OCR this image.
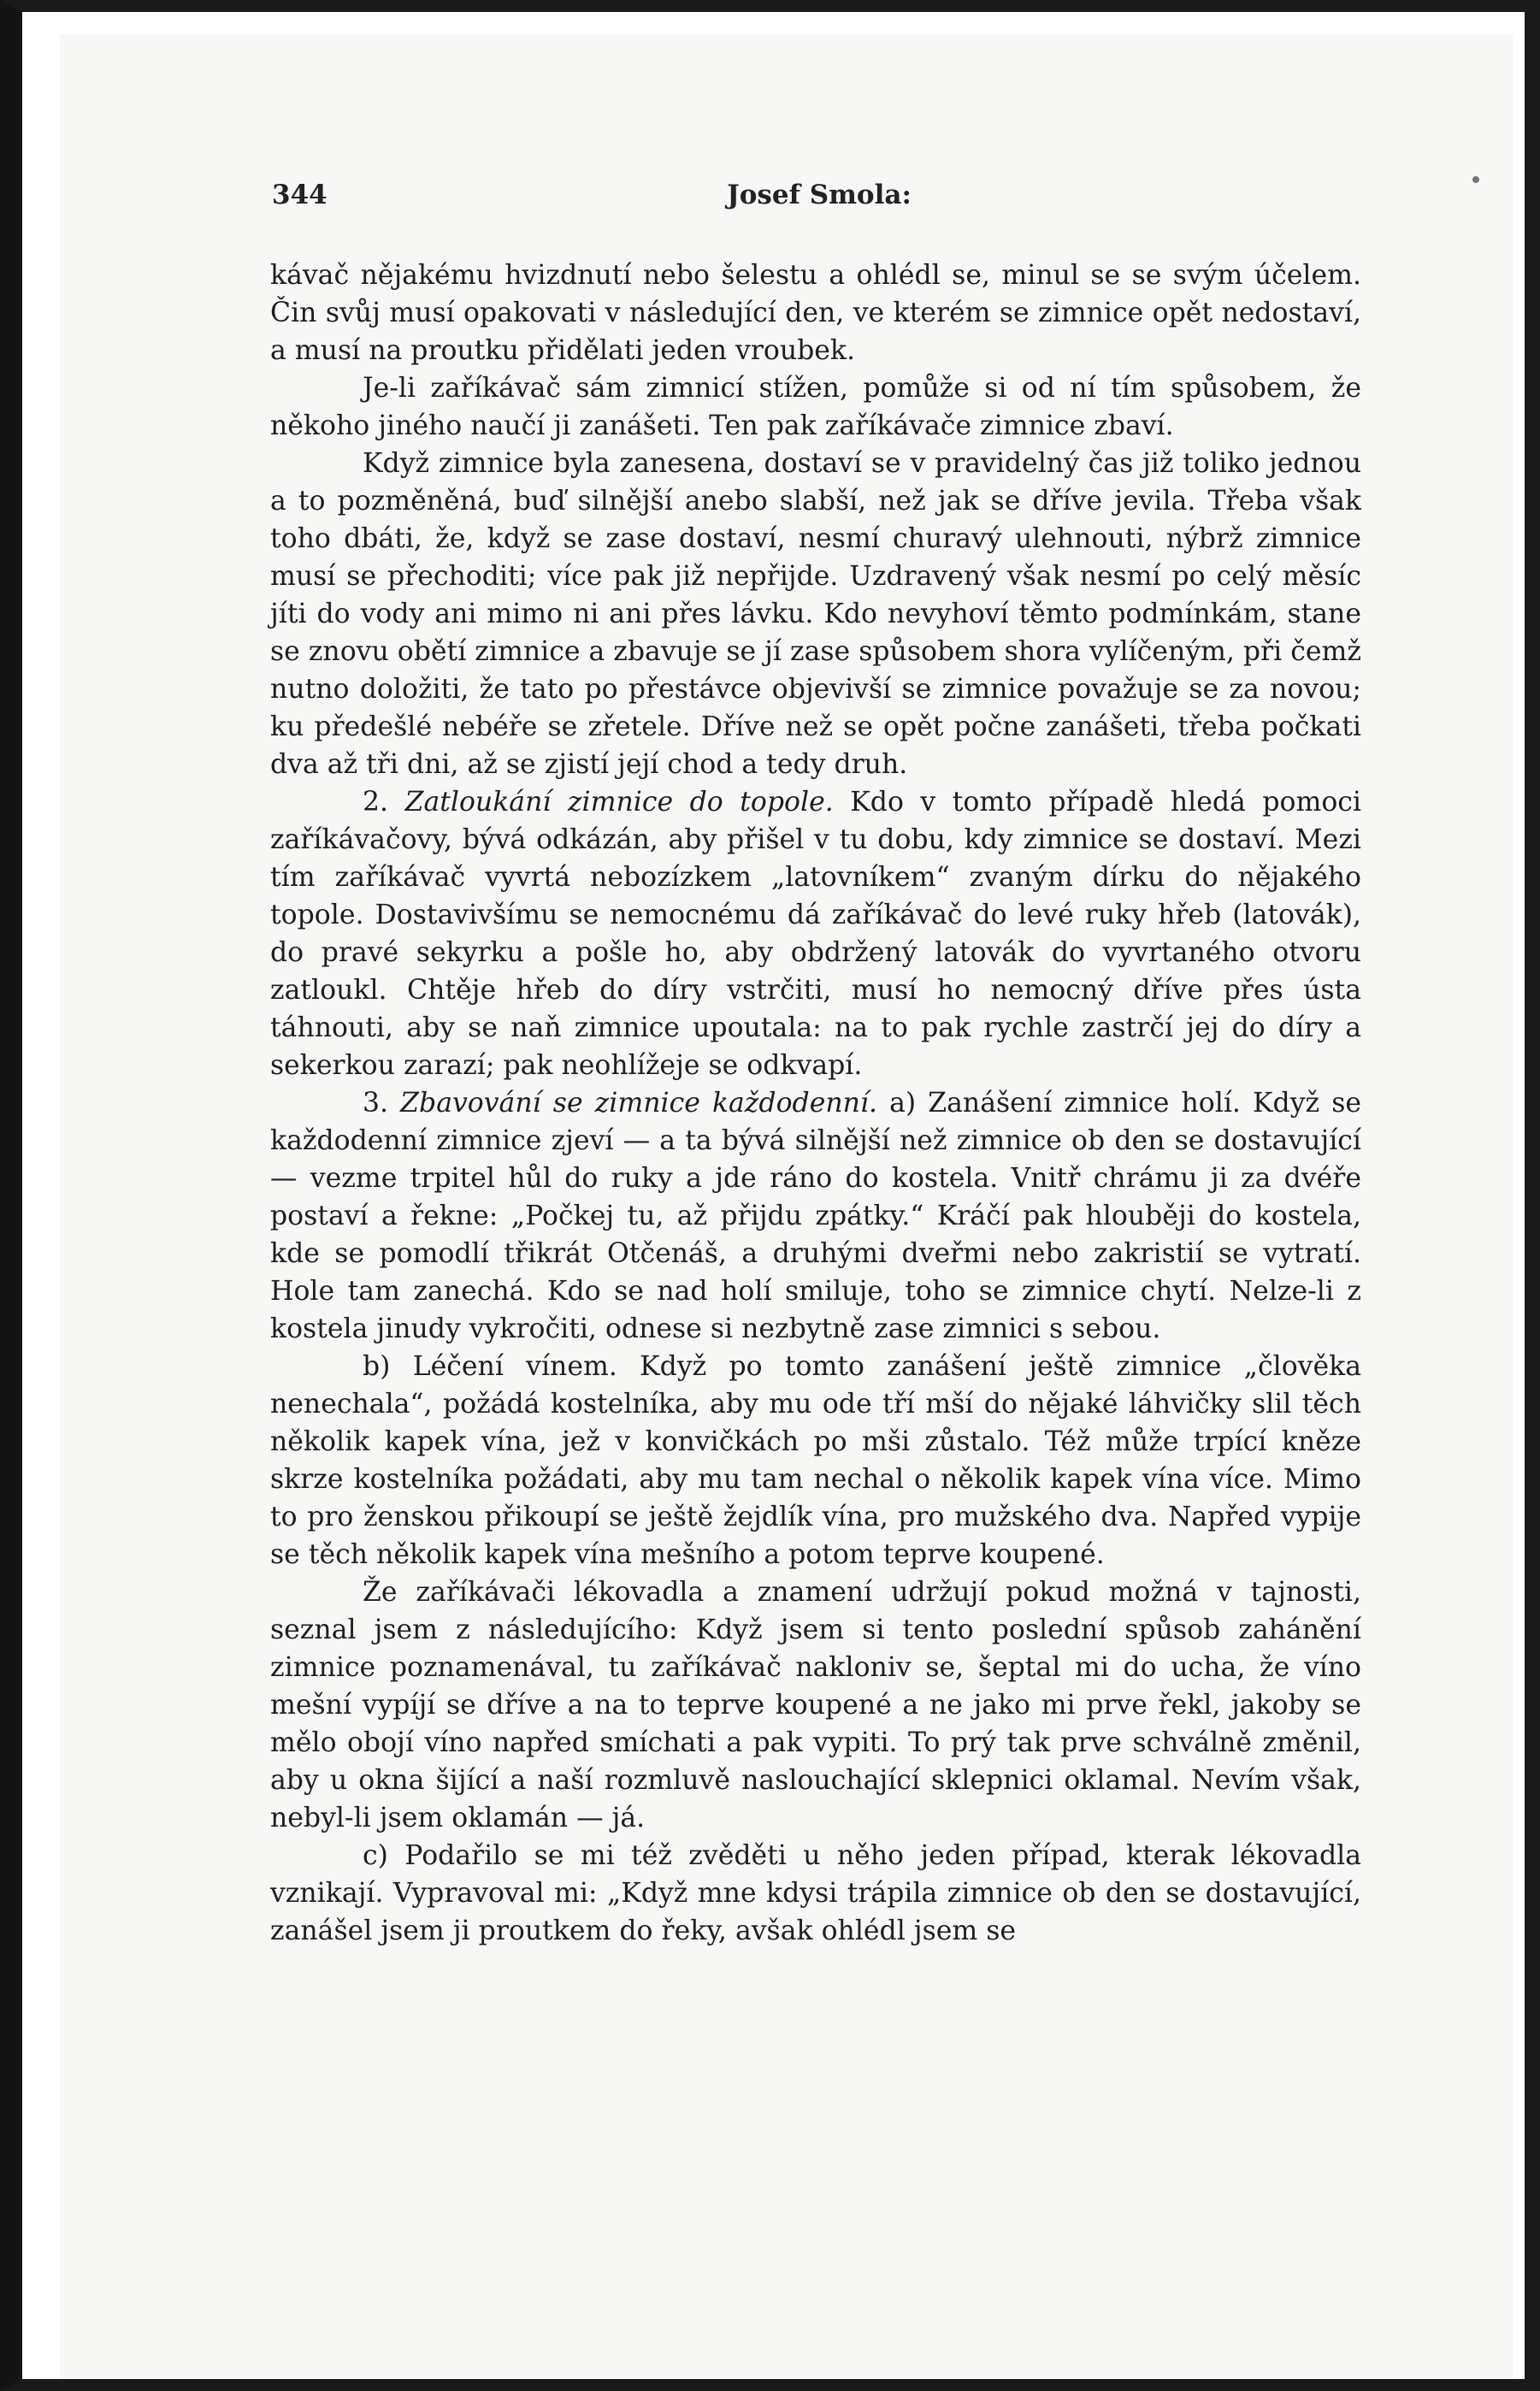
344	Josef Smola:

kávač nějakému hvizdnutí nebo šelestu a ohlédl se, minul se se svým účelem. Čin svůj musí opakovati v následující den, ve kterém se zimnice opět nedostaví, a musí na proutku přidělati jeden vroubek.

Je-li zaříkávač sám zimnicí stížen, pomůže si od ní tím spůsobem, že někoho jiného naučí ji zanášeti. Ten pak zaříkávače zimnice zbaví.

Když zimnice byla zanesena, dostaví se v pravidelný čas již toliko jednou a to pozměněná, buď silnější anebo slabší, než jak se dříve jevila. Třeba však toho dbáti, že, když se zase dostaví, nesmí churavý ulehnouti, nýbrž zimnice musí se přechoditi; více pak již nepřijde. Uzdravený však nesmí po celý měsíc jíti do vody ani mimo ni ani přes lávku. Kdo nevyhoví těmto podmínkám, stane se znovu obětí zimnice a zbavuje se jí zase spůsobem shora vylíčeným, při čemž nutno doložiti, že tato po přestávce objevivší se zimnice považuje se za novou; ku předešlé nebéře se zřetele. Dříve než se opět počne zanášeti, třeba počkati dva až tři dni, až se zjistí její chod a tedy druh.

2. Zatloukání zimnice do topole. Kdo v tomto případě hledá pomoci zaříkávačovy, bývá odkázán, aby přišel v tu dobu, kdy zimnice se dostaví. Mezi tím zaříkávač vyvrtá nebozízkem „latovníkem“ zvaným dírku do nějakého topole. Dostavivšímu se nemocnému dá zaříkávač do levé ruky hřeb (latovák), do pravé sekyrku a pošle ho, aby obdržený latovák do vyvrtaného otvoru zatloukl. Chtěje hřeb do díry vstrčiti, musí ho nemocný dříve přes ústa táhnouti, aby se naň zimnice upoutala: na to pak rychle zastrčí jej do díry a sekerkou zarazí; pak neohlížeje se odkvapí.

3. Zbavování se zimnice každodenní. a) Zanášení zimnice holí. Když se každodenní zimnice zjeví — a ta bývá silnější než zimnice ob den se dostavující — vezme trpitel hůl do ruky a jde ráno do kostela. Vnitř chrámu ji za dvéře postaví a řekne: „Počkej tu, až přijdu zpátky.“ Kráčí pak hlouběji do kostela, kde se pomodlí třikrát Otčenáš, a druhými dveřmi nebo zakristií se vytratí. Hole tam zanechá. Kdo se nad holí smiluje, toho se zimnice chytí. Nelze-li z kostela jinudy vykročiti, odnese si nezbytně zase zimnici s sebou.

b) Léčení vínem. Když po tomto zanášení ještě zimnice „člověka nenechala“, požádá kostelníka, aby mu ode tří mší do nějaké láhvičky slil těch několik kapek vína, jež v konvičkách po mši zůstalo. Též může trpící kněze skrze kostelníka požádati, aby mu tam nechal o několik kapek vína více. Mimo to pro ženskou přikoupí se ještě žejdlík vína, pro mužského dva. Napřed vypije se těch několik kapek vína mešního a potom teprve koupené.

Že zaříkávači lékovadla a znamení udržují pokud možná v tajnosti, seznal jsem z následujícího: Když jsem si tento poslední spůsob zahánění zimnice poznamenával, tu zaříkávač nakloniv se, šeptal mi do ucha, že víno mešní vypíjí se dříve a na to teprve koupené a ne jako mi prve řekl, jakoby se mělo obojí víno napřed smíchati a pak vypiti. To prý tak prve schválně změnil, aby u okna šijící a naší rozmluvě naslouchající sklepnici oklamal. Nevím však, nebyl-li jsem oklamán — já.

c) Podařilo se mi též zvěděti u něho jeden případ, kterak lékovadla vznikají. Vypravoval mi: „Když mne kdysi trápila zimnice ob den se dostavující, zanášel jsem ji proutkem do řeky, avšak ohlédl jsem se
